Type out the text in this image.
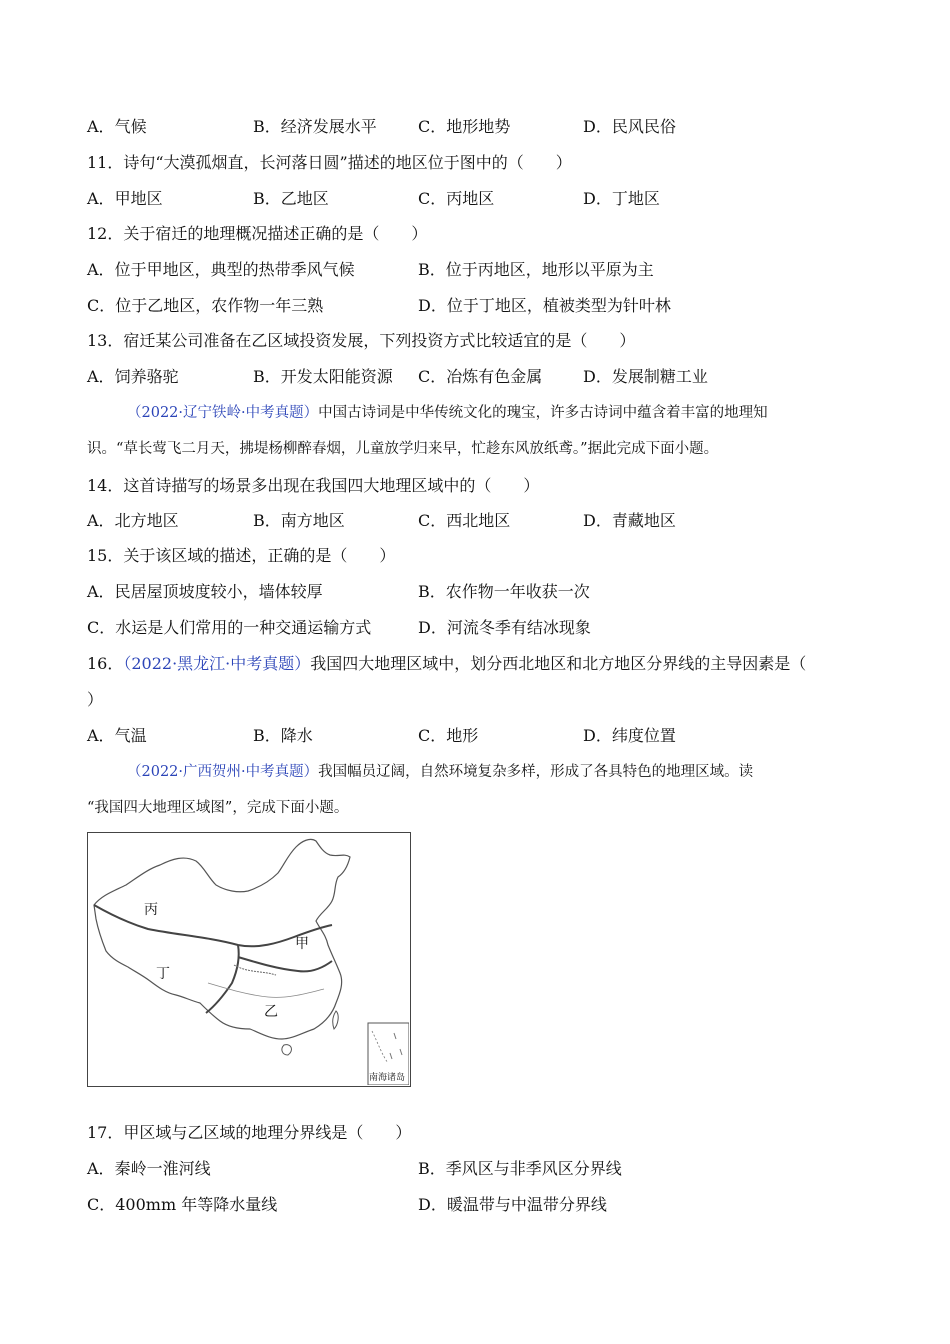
A．气候	B．经济发展水平	C．地形地势	D．民风民俗
11．诗句“大漠孤烟直，长河落日圆”描述的地区位于图中的（　　）
A．甲地区	B．乙地区	C．丙地区	D．丁地区
12．关于宿迁的地理概况描述正确的是（　　）
A．位于甲地区，典型的热带季风气候	B．位于丙地区，地形以平原为主
C．位于乙地区，农作物一年三熟	D．位于丁地区，植被类型为针叶林
13．宿迁某公司准备在乙区域投资发展，下列投资方式比较适宜的是（　　）
A．饲养骆驼	B．开发太阳能资源 C．冶炼有色金属	D．发展制糖工业
（2022·辽宁铁岭·中考真题）中国古诗词是中华传统文化的瑰宝，许多古诗词中蕴含着丰富的地理知
识。“草长莺飞二月天，拂堤杨柳醉春烟，儿童放学归来早，忙趁东风放纸鸢。”据此完成下面小题。
14．这首诗描写的场景多出现在我国四大地理区域中的（　　）
A．北方地区	B．南方地区	C．西北地区	D．青藏地区
15．关于该区域的描述，正确的是（　　）
A．民居屋顶坡度较小，墙体较厚	B．农作物一年收获一次
C．水运是人们常用的一种交通运输方式	D．河流冬季有结冰现象
16．（2022·黑龙江·中考真题）我国四大地理区域中，划分西北地区和北方地区分界线的主导因素是（
）
A．气温	B．降水	C．地形	D．纬度位置
（2022·广西贺州·中考真题）我国幅员辽阔，自然环境复杂多样，形成了各具特色的地理区域。读
“我国四大地理区域图”，完成下面小题。
丙
甲
丁
乙
南海诸岛
17．甲区域与乙区域的地理分界线是（　　）
A．秦岭一淮河线	B．季风区与非季风区分界线
C．400mm 年等降水量线	D．暖温带与中温带分界线
